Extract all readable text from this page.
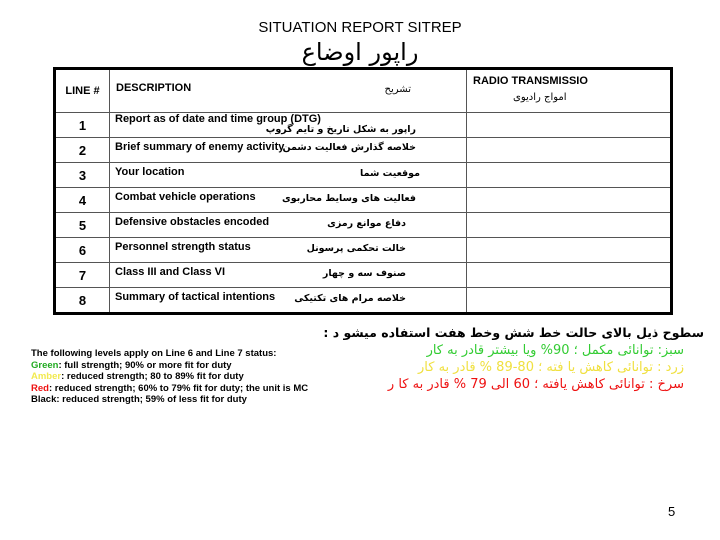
SITUATION REPORT SITREP
راپور اوضاع
LINE #	DESCRIPTION تشریح	RADIO TRANSMISSIO
امواج رادیوی

1	Report as of date and time group (DTG)
راپور به شکل تاریخ و تایم گروپ	

2	Brief summary of enemy activity
خلاصه گذارش فعالیت دشمن	

3	Your location موقعیت شما	

4	Combat vehicle operations فعالیت های وسایط محاربوی	

5	Defensive obstacles encoded دفاع موانع رمزی	

6	Personnel strength status خالت تحکمی پرسونل	

7	Class III and Class VI صنوف سه و چهار	

8	Summary of tactical intentions خلاصه مرام های تکتیکی	

The following levels apply on Line 6 and Line 7 status:
Green: full strength; 90% or more fit for duty
Amber: reduced strength; 80 to 89% fit for duty
Red: reduced strength; 60% to 79% fit for duty; the unit is MC
Black: reduced strength; 59% of less fit for duty
سطوح ذیل بالای حالت خط شش وخط هفت استفاده میشو د :
سبز: توانائی مکمل ؛ 90% ویا بیشتر قادر به کار
زرد : توانائی کاهش یا فته ؛ 80-89 % قادر به کار
سرخ : توانائی کاهش یافته ؛ 60 الی 79 % قادر به کا ر
5
